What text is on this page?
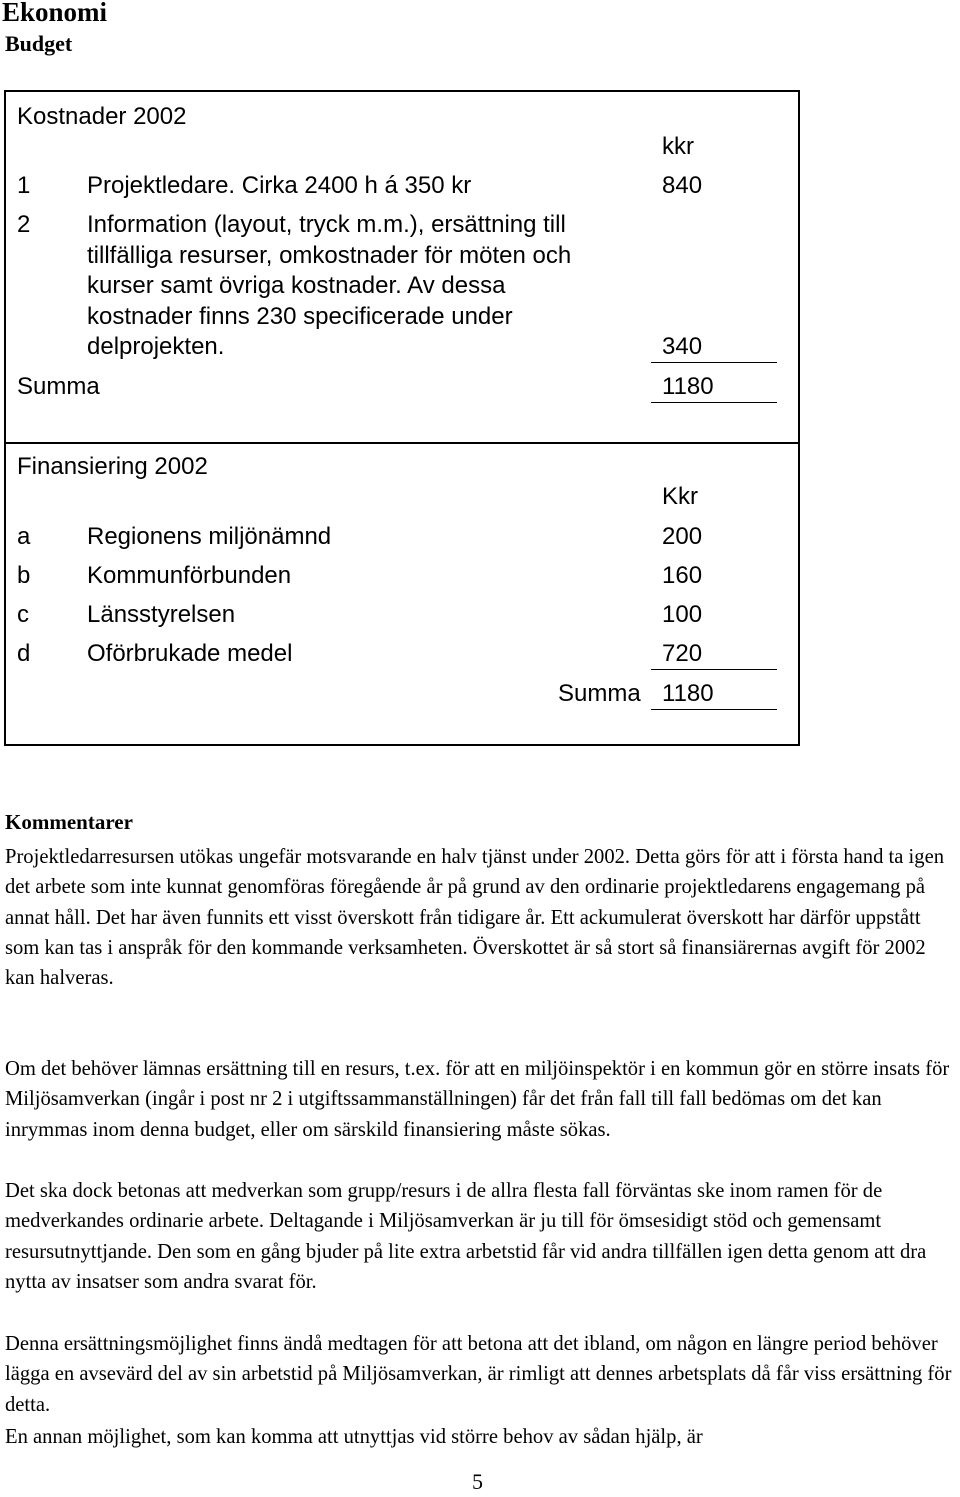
Ekonomi
Budget
Kostnader 2002
kkr
1 Projektledare. Cirka 2400 h á 350 kr	840
2 Information (layout, tryck m.m.), ersättning till
tillfälliga resurser, omkostnader för möten och
kurser samt övriga kostnader. Av dessa
kostnader finns 230 specificerade under
delprojekten.	340
Summa	1180
Finansiering 2002
Kkr
a Regionens miljönämnd	200
b Kommunförbunden	160
c Länsstyrelsen	100
d Oförbrukade medel	720
Summa 1180
Kommentarer

Projektledarresursen utökas ungefär motsvarande en halv tjänst under 2002. Detta görs för att i första hand ta igen det arbete som inte kunnat genomföras föregående år på grund av den ordinarie projektledarens engagemang på annat håll. Det har även funnits ett visst överskott från tidigare år. Ett ackumulerat överskott har därför uppstått som kan tas i anspråk för den kommande verksamheten. Överskottet är så stort så finansiärernas avgift för 2002 kan halveras.

Om det behöver lämnas ersättning till en resurs, t.ex. för att en miljöinspektör i en kommun gör en större insats för Miljösamverkan (ingår i post nr 2 i utgiftssammanställningen) får det från fall till fall bedömas om det kan inrymmas inom denna budget, eller om särskild finansiering måste sökas.

Det ska dock betonas att medverkan som grupp/resurs i de allra flesta fall förväntas ske inom ramen för de medverkandes ordinarie arbete. Deltagande i Miljösamverkan är ju till för ömsesidigt stöd och gemensamt resursutnyttjande. Den som en gång bjuder på lite extra arbetstid får vid andra tillfällen igen detta genom att dra nytta av insatser som andra svarat för.

Denna ersättningsmöjlighet finns ändå medtagen för att betona att det ibland, om någon en längre period behöver lägga en avsevärd del av sin arbetstid på Miljösamverkan, är rimligt att dennes arbetsplats då får viss ersättning för detta.

En annan möjlighet, som kan komma att utnyttjas vid större behov av sådan hjälp, är

5
